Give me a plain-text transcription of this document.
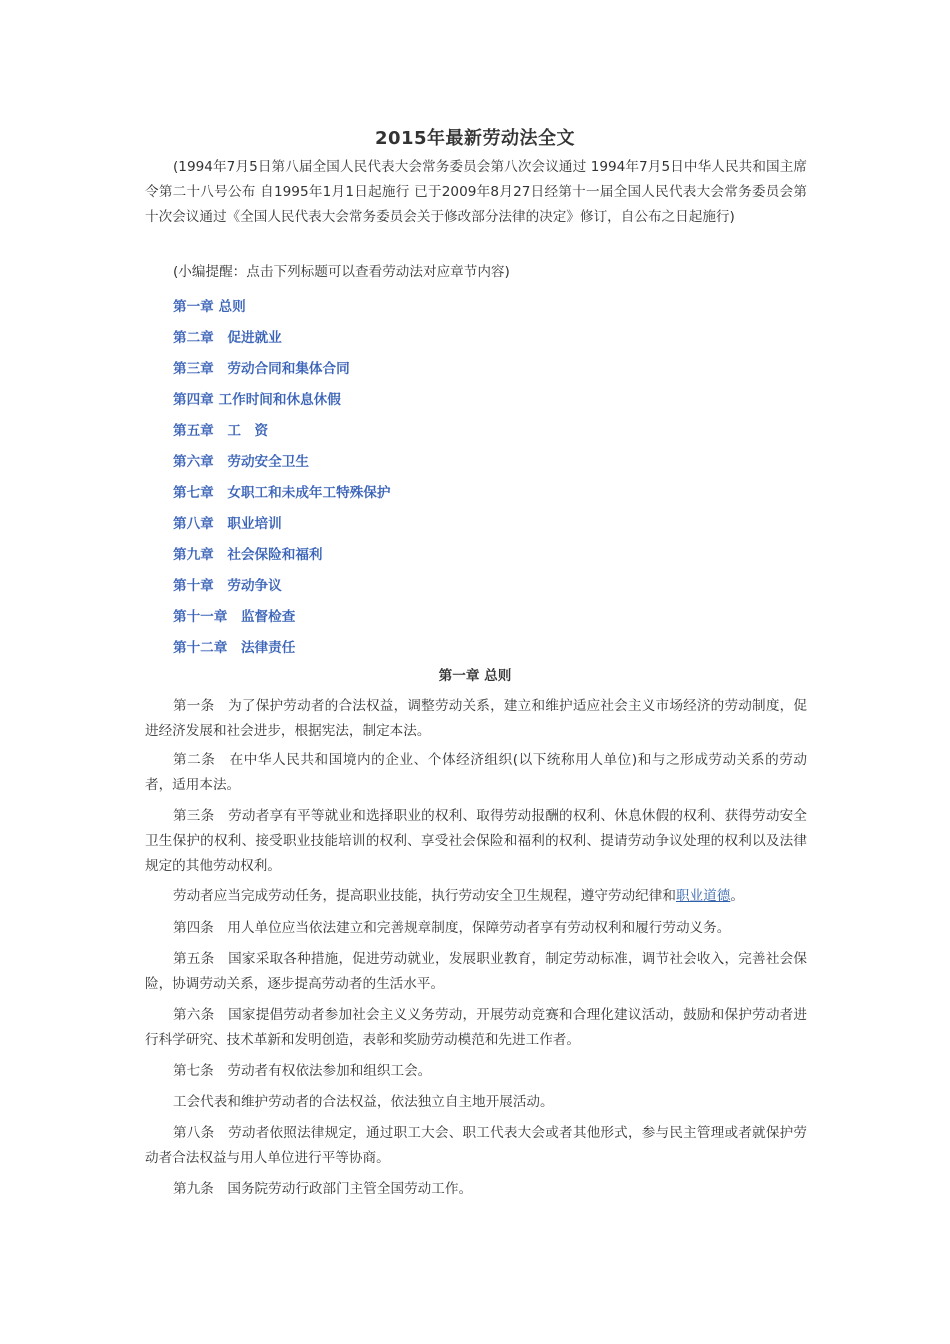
2015年最新劳动法全文

(1994年7月5日第八届全国人民代表大会常务委员会第八次会议通过 1994年7月5日中华人民共和国主席令第二十八号公布 自1995年1月1日起施行 已于2009年8月27日经第十一届全国人民代表大会常务委员会第十次会议通过《全国人民代表大会常务委员会关于修改部分法律的决定》修订，自公布之日起施行)

(小编提醒：点击下列标题可以查看劳动法对应章节内容)

第一章 总则
第二章　促进就业
第三章　劳动合同和集体合同
第四章 工作时间和休息休假
第五章　工　资
第六章　劳动安全卫生
第七章　女职工和未成年工特殊保护
第八章　职业培训
第九章　社会保险和福利
第十章　劳动争议
第十一章　监督检查
第十二章　法律责任
第一章 总则

第一条　为了保护劳动者的合法权益，调整劳动关系，建立和维护适应社会主义市场经济的劳动制度，促进经济发展和社会进步，根据宪法，制定本法。

第二条　在中华人民共和国境内的企业、个体经济组织(以下统称用人单位)和与之形成劳动关系的劳动者，适用本法。

第三条　劳动者享有平等就业和选择职业的权利、取得劳动报酬的权利、休息休假的权利、获得劳动安全卫生保护的权利、接受职业技能培训的权利、享受社会保险和福利的权利、提请劳动争议处理的权利以及法律规定的其他劳动权利。

劳动者应当完成劳动任务，提高职业技能，执行劳动安全卫生规程，遵守劳动纪律和职业道德。

第四条　用人单位应当依法建立和完善规章制度，保障劳动者享有劳动权利和履行劳动义务。

第五条　国家采取各种措施，促进劳动就业，发展职业教育，制定劳动标准，调节社会收入，完善社会保险，协调劳动关系，逐步提高劳动者的生活水平。

第六条　国家提倡劳动者参加社会主义义务劳动，开展劳动竞赛和合理化建议活动，鼓励和保护劳动者进行科学研究、技术革新和发明创造，表彰和奖励劳动模范和先进工作者。

第七条　劳动者有权依法参加和组织工会。

工会代表和维护劳动者的合法权益，依法独立自主地开展活动。

第八条　劳动者依照法律规定，通过职工大会、职工代表大会或者其他形式，参与民主管理或者就保护劳动者合法权益与用人单位进行平等协商。

第九条　国务院劳动行政部门主管全国劳动工作。
